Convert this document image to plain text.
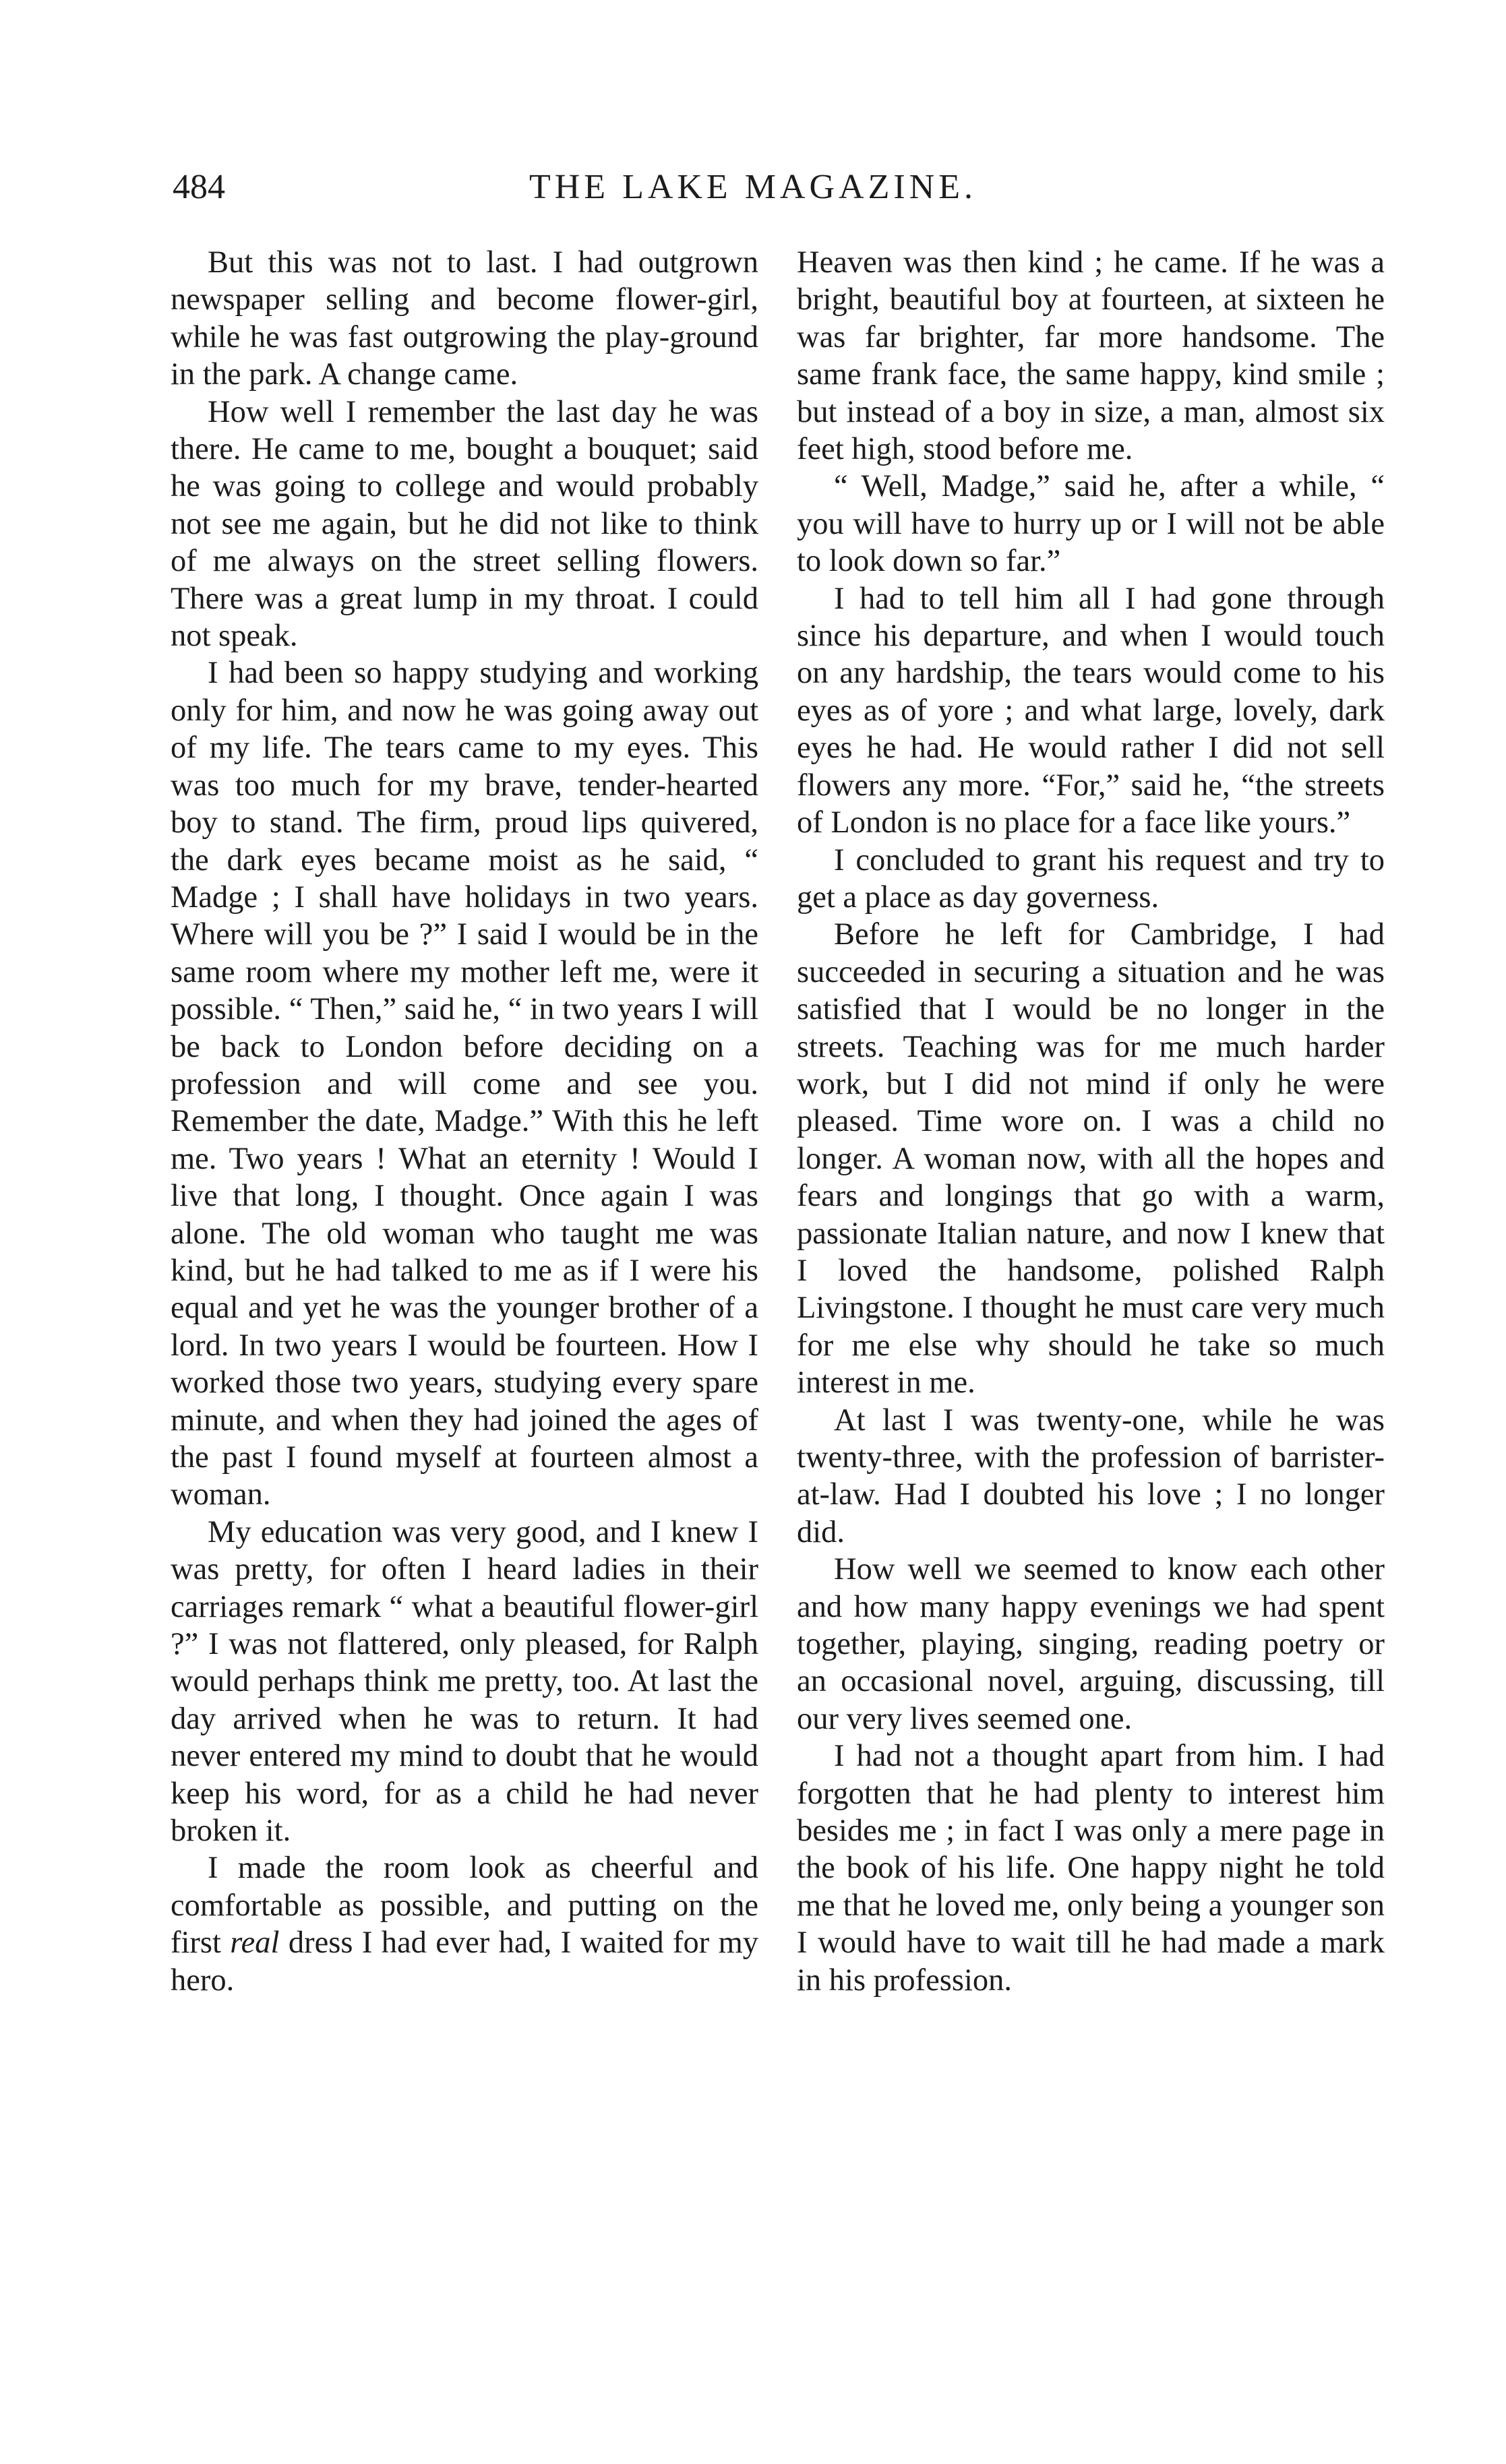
484	THE LAKE MAGAZINE.

But this was not to last. I had outgrown newspaper selling and become flower-girl, while he was fast outgrowing the play-ground in the park. A change came.

How well I remember the last day he was there. He came to me, bought a bouquet; said he was going to college and would probably not see me again, but he did not like to think of me always on the street selling flowers. There was a great lump in my throat. I could not speak.

I had been so happy studying and working only for him, and now he was going away out of my life. The tears came to my eyes. This was too much for my brave, tender-hearted boy to stand. The firm, proud lips quivered, the dark eyes became moist as he said, “ Madge ; I shall have holidays in two years. Where will you be ?” I said I would be in the same room where my mother left me, were it possible. “ Then,” said he, “ in two years I will be back to London before deciding on a profession and will come and see you. Remember the date, Madge.” With this he left me. Two years ! What an eternity ! Would I live that long, I thought. Once again I was alone. The old woman who taught me was kind, but he had talked to me as if I were his equal and yet he was the younger brother of a lord. In two years I would be fourteen. How I worked those two years, studying every spare minute, and when they had joined the ages of the past I found myself at fourteen almost a woman.

My education was very good, and I knew I was pretty, for often I heard ladies in their carriages remark “ what a beautiful flower-girl ?” I was not flattered, only pleased, for Ralph would perhaps think me pretty, too. At last the day arrived when he was to return. It had never entered my mind to doubt that he would keep his word, for as a child he had never broken it.

I made the room look as cheerful and comfortable as possible, and putting on the first real dress I had ever had, I waited for my hero.

Heaven was then kind ; he came. If he was a bright, beautiful boy at fourteen, at sixteen he was far brighter, far more handsome. The same frank face, the same happy, kind smile ; but instead of a boy in size, a man, almost six feet high, stood before me.

“ Well, Madge,” said he, after a while, “ you will have to hurry up or I will not be able to look down so far.”

I had to tell him all I had gone through since his departure, and when I would touch on any hardship, the tears would come to his eyes as of yore ; and what large, lovely, dark eyes he had. He would rather I did not sell flowers any more. “For,” said he, “the streets of London is no place for a face like yours.”

I concluded to grant his request and try to get a place as day governess.

Before he left for Cambridge, I had succeeded in securing a situation and he was satisfied that I would be no longer in the streets. Teaching was for me much harder work, but I did not mind if only he were pleased. Time wore on. I was a child no longer. A woman now, with all the hopes and fears and longings that go with a warm, passionate Italian nature, and now I knew that I loved the handsome, polished Ralph Livingstone. I thought he must care very much for me else why should he take so much interest in me.

At last I was twenty-one, while he was twenty-three, with the profession of barrister-at-law. Had I doubted his love ; I no longer did.

How well we seemed to know each other and how many happy evenings we had spent together, playing, singing, reading poetry or an occasional novel, arguing, discussing, till our very lives seemed one.

I had not a thought apart from him. I had forgotten that he had plenty to interest him besides me ; in fact I was only a mere page in the book of his life. One happy night he told me that he loved me, only being a younger son I would have to wait till he had made a mark in his profession.
